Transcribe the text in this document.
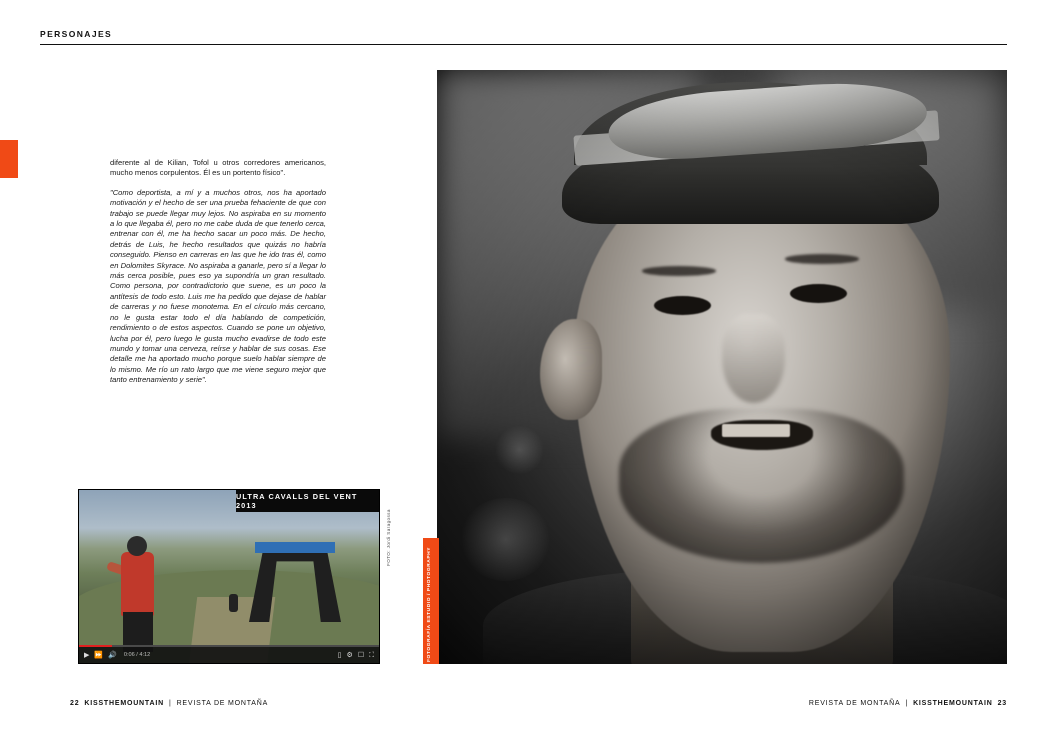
PERSONAJES

diferente al de Kilian, Tofol u otros corredores americanos, mucho menos corpulentos. Él es un portento físico".

"Como deportista, a mí y a muchos otros, nos ha aportado motivación y el hecho de ser una prueba fehaciente de que con trabajo se puede llegar muy lejos. No aspiraba en su momento a lo que llegaba él, pero no me cabe duda de que tenerlo cerca, entrenar con él, me ha hecho sacar un poco más. De hecho, detrás de Luis, he hecho resultados que quizás no habría conseguido. Pienso en carreras en las que he ido tras él, como en Dolomites Skyrace. No aspiraba a ganarle, pero sí a llegar lo más cerca posible, pues eso ya supondría un gran resultado. Como persona, por contradictorio que suene, es un poco la antítesis de todo esto. Luis me ha pedido que dejase de hablar de carreras y no fuese monotema. En el círculo más cercano, no le gusta estar todo el día hablando de competición, rendimiento o de estos aspectos. Cuando se pone un objetivo, lucha por él, pero luego le gusta mucho evadirse de todo este mundo y tomar una cerveza, reírse y hablar de sus cosas. Ese detalle me ha aportado mucho porque suelo hablar siempre de lo mismo. Me río un rato largo que me viene seguro mejor que tanto entrenamiento y serie".

ULTRA CAVALLS DEL VENT 2013
▶ ⏩ 🔊 0:06 / 4:12	▯ ⚙ ☐ ⛶
FOTO: Jordi Saragossa
FOTOGRAFÍA ESTUDIO / PHOTOGRAPHY
22 KISSTHEMOUNTAIN | REVISTA DE MONTAÑA	REVISTA DE MONTAÑA | KISSTHEMOUNTAIN 23
